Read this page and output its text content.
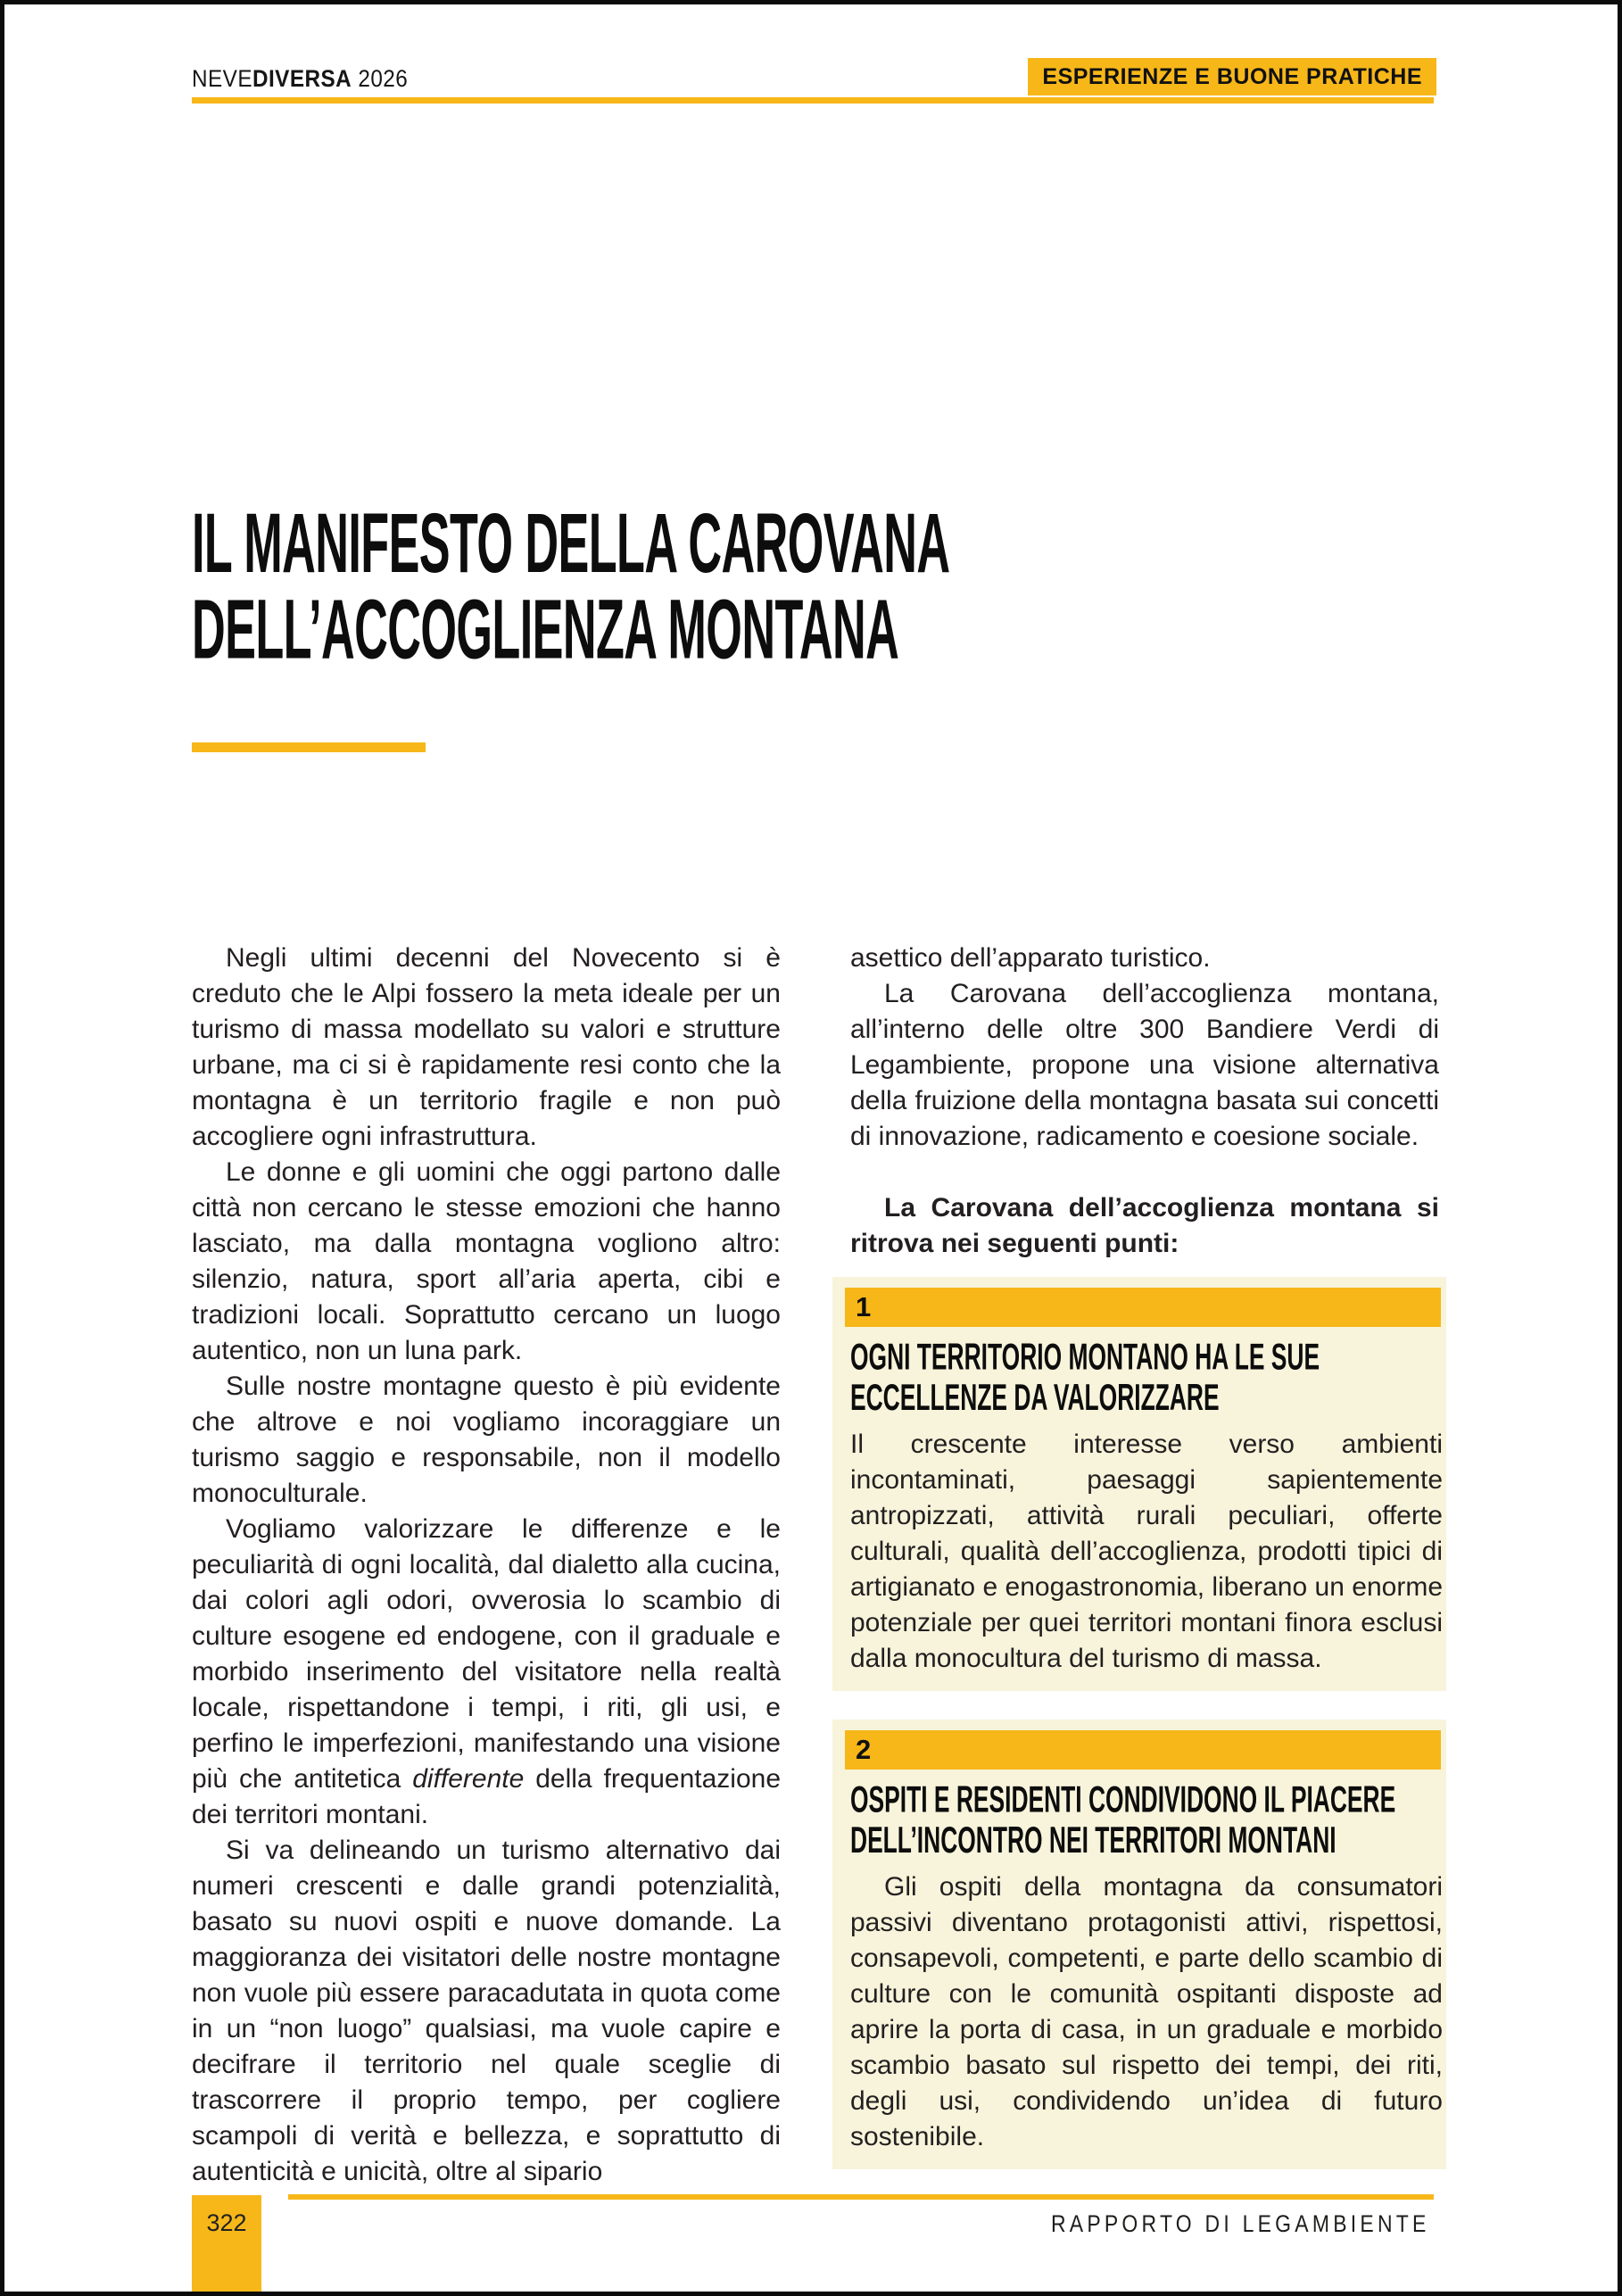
NEVEDIVERSA 2026	ESPERIENZE E BUONE PRATICHE
IL MANIFESTO DELLA CAROVANA
DELL’ACCOGLIENZA MONTANA

Negli ultimi decenni del Novecento si è creduto che le Alpi fossero la meta ideale per un turismo di massa modellato su valori e strutture urbane, ma ci si è rapidamente resi conto che la montagna è un territorio fragile e non può accogliere ogni infrastruttura.

Le donne e gli uomini che oggi partono dalle città non cercano le stesse emozioni che hanno lasciato, ma dalla montagna vogliono altro: silenzio, natura, sport all’aria aperta, cibi e tradizioni locali. Soprattutto cercano un luogo autentico, non un luna park.

Sulle nostre montagne questo è più evidente che altrove e noi vogliamo incoraggiare un turismo saggio e responsabile, non il modello monoculturale.

Vogliamo valorizzare le differenze e le peculiarità di ogni località, dal dialetto alla cucina, dai colori agli odori, ovverosia lo scambio di culture esogene ed endogene, con il graduale e morbido inserimento del visitatore nella realtà locale, rispettandone i tempi, i riti, gli usi, e perfino le imperfezioni, manifestando una visione più che antitetica differente della frequentazione dei territori montani.

Si va delineando un turismo alternativo dai numeri crescenti e dalle grandi potenzialità, basato su nuovi ospiti e nuove domande. La maggioranza dei visitatori delle nostre montagne non vuole più essere paracadutata in quota come in un “non luogo” qualsiasi, ma vuole capire e decifrare il territorio nel quale sceglie di trascorrere il proprio tempo, per cogliere scampoli di verità e bellezza, e soprattutto di autenticità e unicità, oltre al sipario

asettico dell’apparato turistico.

La Carovana dell’accoglienza montana, all’interno delle oltre 300 Bandiere Verdi di Legambiente, propone una visione alternativa della fruizione della montagna basata sui concetti di innovazione, radicamento e coesione sociale.

La Carovana dell’accoglienza montana si ritrova nei seguenti punti:

1
OGNI TERRITORIO MONTANO HA LE SUE
ECCELLENZE DA VALORIZZARE

Il crescente interesse verso ambienti incontaminati, paesaggi sapientemente antropizzati, attività rurali peculiari, offerte culturali, qualità dell’accoglienza, prodotti tipici di artigianato e enogastronomia, liberano un enorme potenziale per quei territori montani finora esclusi dalla monocultura del turismo di massa.

2
OSPITI E RESIDENTI CONDIVIDONO IL PIACERE
DELL’INCONTRO NEI TERRITORI MONTANI

Gli ospiti della montagna da consumatori passivi diventano protagonisti attivi, rispettosi, consapevoli, competenti, e parte dello scambio di culture con le comunità ospitanti disposte ad aprire la porta di casa, in un graduale e morbido scambio basato sul rispetto dei tempi, dei riti, degli usi, condividendo un’idea di futuro sostenibile.

322	RAPPORTO DI LEGAMBIENTE
